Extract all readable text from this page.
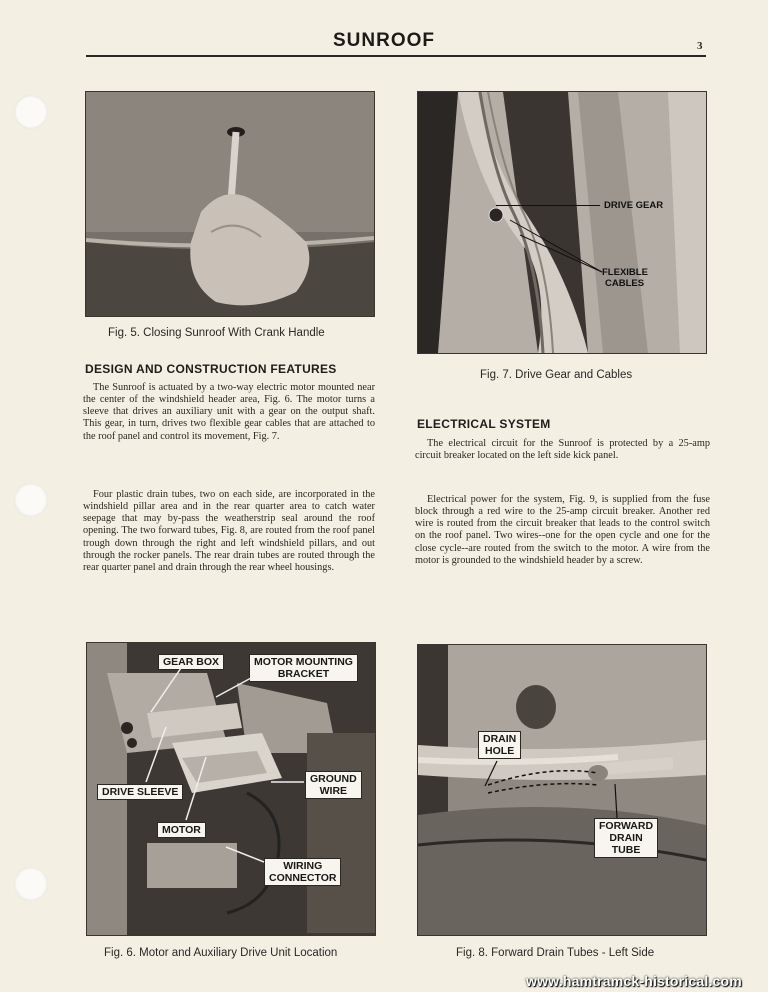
SUNROOF	3
Fig. 5. Closing Sunroof With Crank Handle
DRIVE GEAR
FLEXIBLE
CABLES
Fig. 7. Drive Gear and Cables
DESIGN AND CONSTRUCTION FEATURES

The Sunroof is actuated by a two-way electric motor mounted near the center of the windshield header area, Fig. 6. The motor turns a sleeve that drives an auxiliary unit with a gear on the output shaft. This gear, in turn, drives two flexible gear cables that are attached to the roof panel and control its movement, Fig. 7.

Four plastic drain tubes, two on each side, are incorporated in the windshield pillar area and in the rear quarter area to catch water seepage that may by-pass the weatherstrip seal around the roof opening. The two forward tubes, Fig. 8, are routed from the roof panel trough down through the right and left windshield pillars, and out through the rocker panels. The rear drain tubes are routed through the rear quarter panel and drain through the rear wheel housings.

ELECTRICAL SYSTEM

The electrical circuit for the Sunroof is protected by a 25-amp circuit breaker located on the left side kick panel.

Electrical power for the system, Fig. 9, is supplied from the fuse block through a red wire to the 25-amp circuit breaker. Another red wire is routed from the circuit breaker that leads to the control switch on the roof panel. Two wires--one for the open cycle and one for the close cycle--are routed from the switch to the motor. A wire from the motor is grounded to the windshield header by a screw.

GEAR BOX	MOTOR MOUNTING
BRACKET
GROUND
WIRE
DRIVE SLEEVE
MOTOR
WIRING
CONNECTOR
Fig. 6. Motor and Auxiliary Drive Unit Location
DRAIN
HOLE
FORWARD
DRAIN
TUBE
Fig. 8. Forward Drain Tubes - Left Side
www.hamtramck-historical.com
